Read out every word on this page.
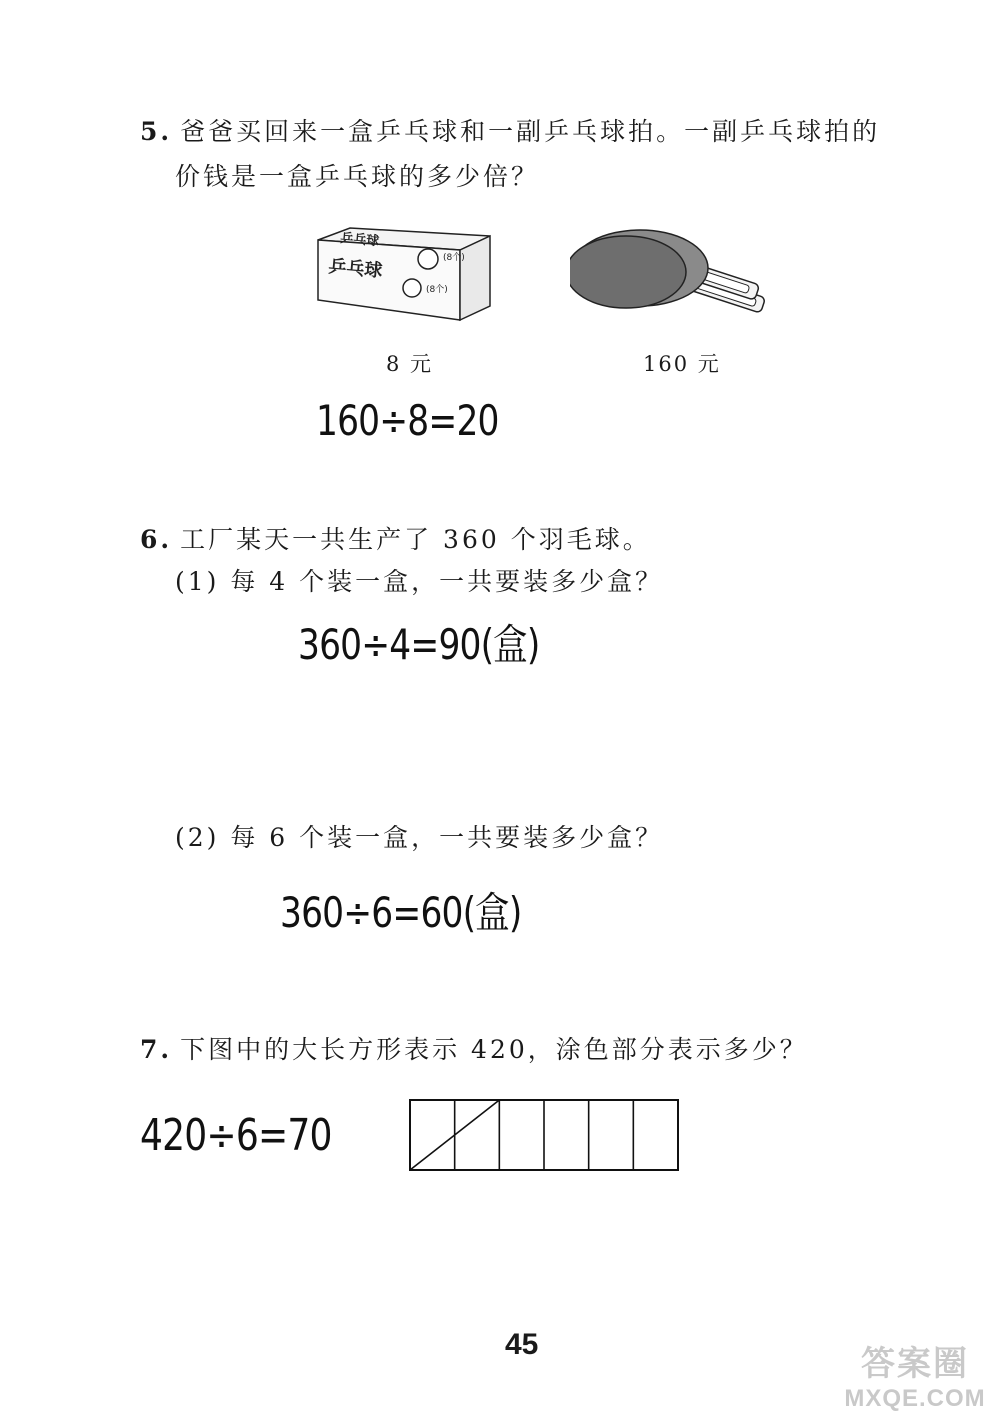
5. 爸爸买回来一盒乒乓球和一副乒乓球拍。一副乒乓球拍的
价钱是一盒乒乓球的多少倍？
乒乓球
乒乓球	(8个)
(8个)
8 元	160 元
160÷8=20
6. 工厂某天一共生产了 360 个羽毛球。
(1) 每 4 个装一盒，一共要装多少盒？
360÷4=90(盒)
(2) 每 6 个装一盒，一共要装多少盒？
360÷6=60(盒)
7. 下图中的大长方形表示 420，涂色部分表示多少？
420÷6=70
45	答案圈
MXQE.COM
